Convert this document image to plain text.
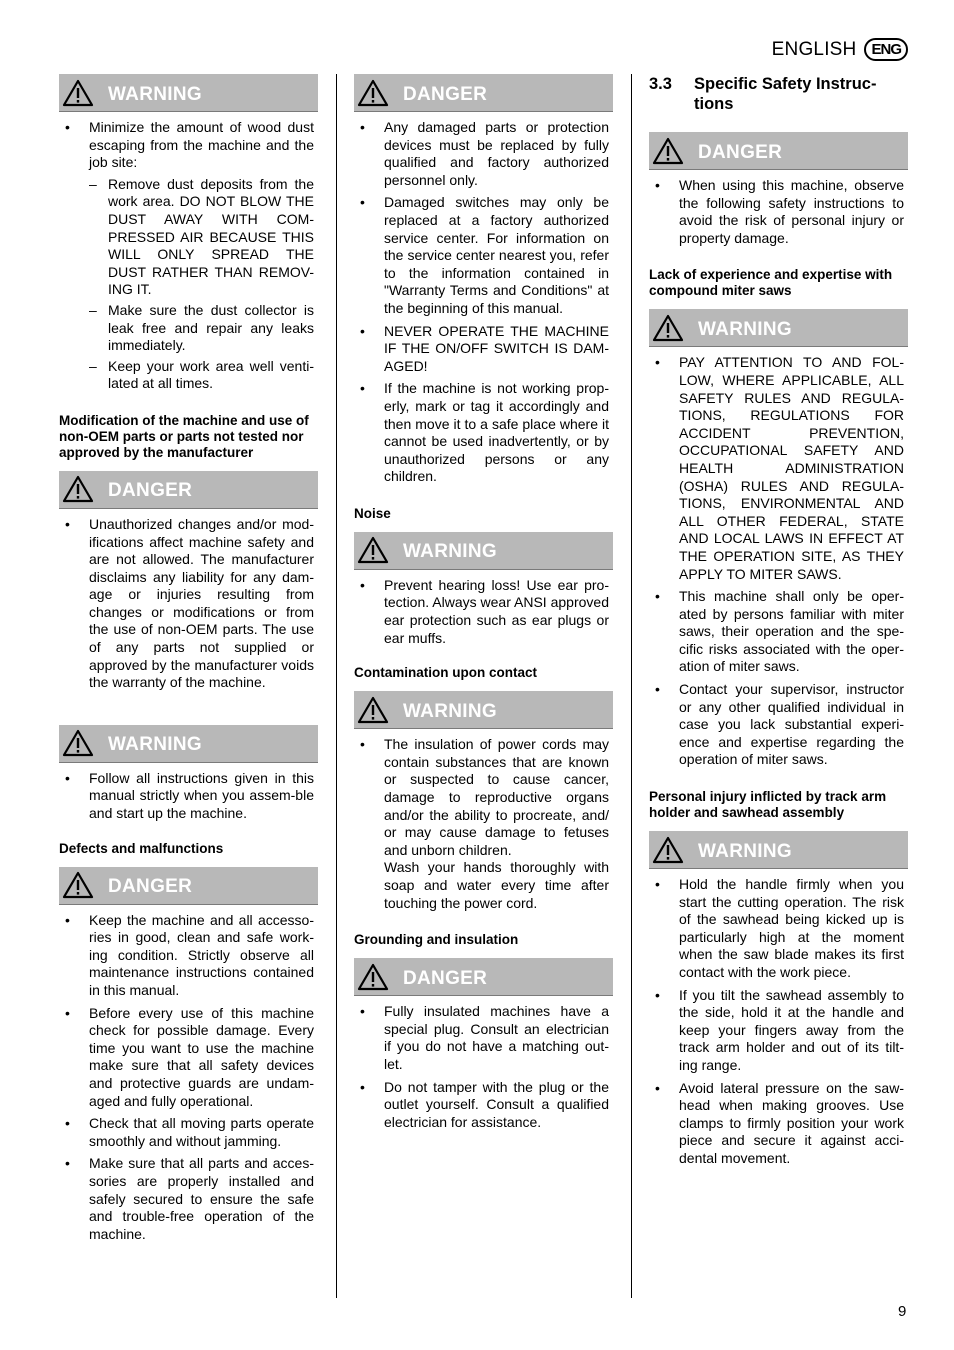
ENGLISH	ENG
WARNING
• Minimize the amount of wood dust escaping from the machine and the job site:
– Remove dust deposits from the work area. DO NOT BLOW THE DUST AWAY WITH COM-PRESSED AIR BECAUSE THIS WILL ONLY SPREAD THE DUST RATHER THAN REMOV-ING IT.
– Make sure the dust collector is leak free and repair any leaks immediately.
– Keep your work area well venti-lated at all times.
Modification of the machine and use of non-OEM parts or parts not tested nor approved by the manufacturer
DANGER
• Unauthorized changes and/or mod-ifications affect machine safety and are not allowed. The manufacturer disclaims any liability for any dam-age or injuries resulting from changes or modifications or from the use of non-OEM parts. The use of any parts not supplied or approved by the manufacturer voids the warranty of the machine.
WARNING
• Follow all instructions given in this manual strictly when you assem-ble and start up the machine.
Defects and malfunctions
DANGER
• Keep the machine and all accesso-ries in good, clean and safe work-ing condition. Strictly observe all maintenance instructions contained in this manual.
• Before every use of this machine check for possible damage. Every time you want to use the machine make sure that all safety devices and protective guards are undam-aged and fully operational.
• Check that all moving parts operate smoothly and without jamming.
• Make sure that all parts and acces-sories are properly installed and safely secured to ensure the safe and trouble-free operation of the machine.
DANGER
• Any damaged parts or protection devices must be replaced by fully qualified and factory authorized personnel only.
• Damaged switches may only be replaced at a factory authorized service center. For information on the service center nearest you, refer to the information contained in "Warranty Terms and Conditions" at the beginning of this manual.
• NEVER OPERATE THE MACHINE IF THE ON/OFF SWITCH IS DAM-AGED!
• If the machine is not working prop-erly, mark or tag it accordingly and then move it to a safe place where it cannot be used inadvertently, or by unauthorized persons or any children.
Noise
WARNING
• Prevent hearing loss! Use ear pro-tection. Always wear ANSI approved ear protection such as ear plugs or ear muffs.
Contamination upon contact
WARNING
• The insulation of power cords may contain substances that are known or suspected to cause cancer, damage to reproductive organs and/or the ability to procreate, and/ or may cause damage to fetuses and unborn children.
Wash your hands thoroughly with soap and water every time after touching the power cord.
Grounding and insulation
DANGER
• Fully insulated machines have a special plug. Consult an electrician if you do not have a matching out-let.
• Do not tamper with the plug or the outlet yourself. Consult a qualified electrician for assistance.
3.3	Specific Safety Instruc-tions
DANGER
• When using this machine, observe the following safety instructions to avoid the risk of personal injury or property damage.
Lack of experience and expertise with compound miter saws
WARNING
• PAY ATTENTION TO AND FOL-LOW, WHERE APPLICABLE, ALL SAFETY RULES AND REGULA-TIONS, REGULATIONS FOR ACCIDENT PREVENTION, OCCUPATIONAL SAFETY AND HEALTH ADMINISTRATION (OSHA) RULES AND REGULA-TIONS, ENVIRONMENTAL AND ALL OTHER FEDERAL, STATE AND LOCAL LAWS IN EFFECT AT THE OPERATION SITE, AS THEY APPLY TO MITER SAWS.
• This machine shall only be oper-ated by persons familiar with miter saws, their operation and the spe-cific risks associated with the oper-ation of miter saws.
• Contact your supervisor, instructor or any other qualified individual in case you lack substantial experi-ence and expertise regarding the operation of miter saws.
Personal injury inflicted by track arm holder and sawhead assembly
WARNING
• Hold the handle firmly when you start the cutting operation. The risk of the sawhead being kicked up is particularly high at the moment when the saw blade makes its first contact with the work piece.
• If you tilt the sawhead assembly to the side, hold it at the handle and keep your fingers away from the track arm holder and out of its tilt-ing range.
• Avoid lateral pressure on the saw-head when making grooves. Use clamps to firmly position your work piece and secure it against acci-dental movement.
9
